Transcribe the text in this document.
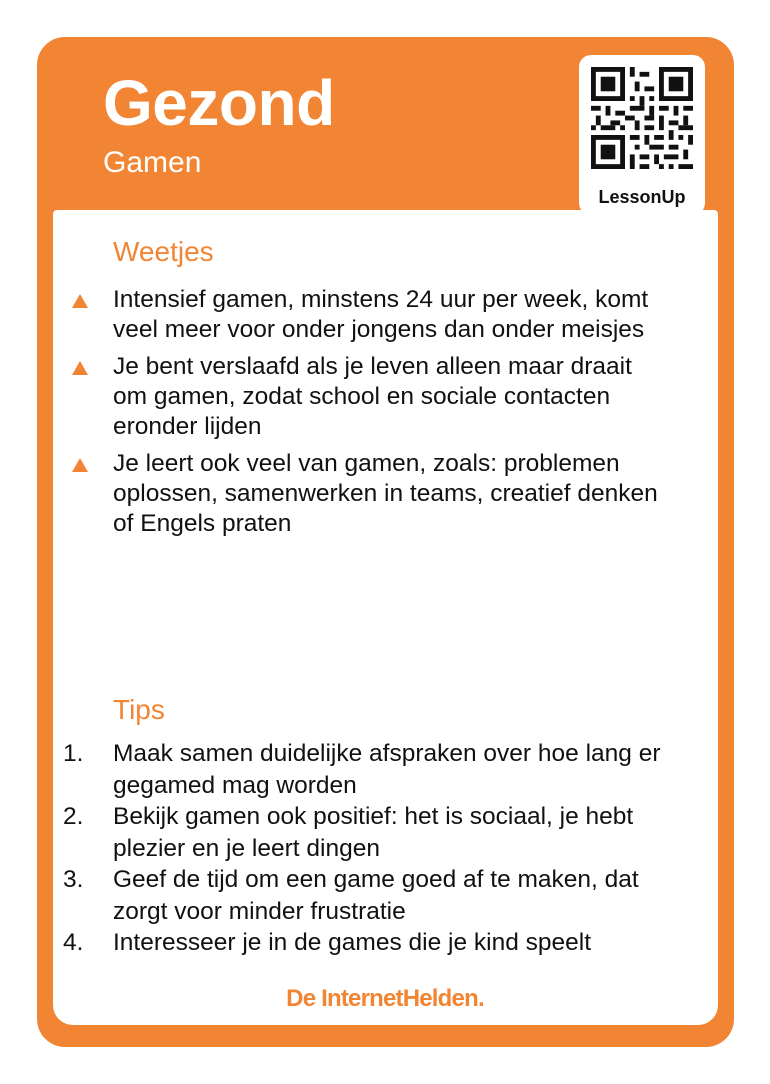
Gezond
Gamen
LessonUp
Weetjes
Intensief gamen, minstens 24 uur per week, komt veel meer voor onder jongens dan onder meisjes
Je bent verslaafd als je leven alleen maar draait om gamen, zodat school en sociale contacten eronder lijden
Je leert ook veel van gamen, zoals: problemen oplossen, samenwerken in teams, creatief denken of Engels praten
Tips
1. Maak samen duidelijke afspraken over hoe lang er gegamed mag worden
2. Bekijk gamen ook positief: het is sociaal, je hebt plezier en je leert dingen
3. Geef de tijd om een game goed af te maken, dat zorgt voor minder frustratie
4. Interesseer je in de games die je kind speelt
De InternetHelden.
